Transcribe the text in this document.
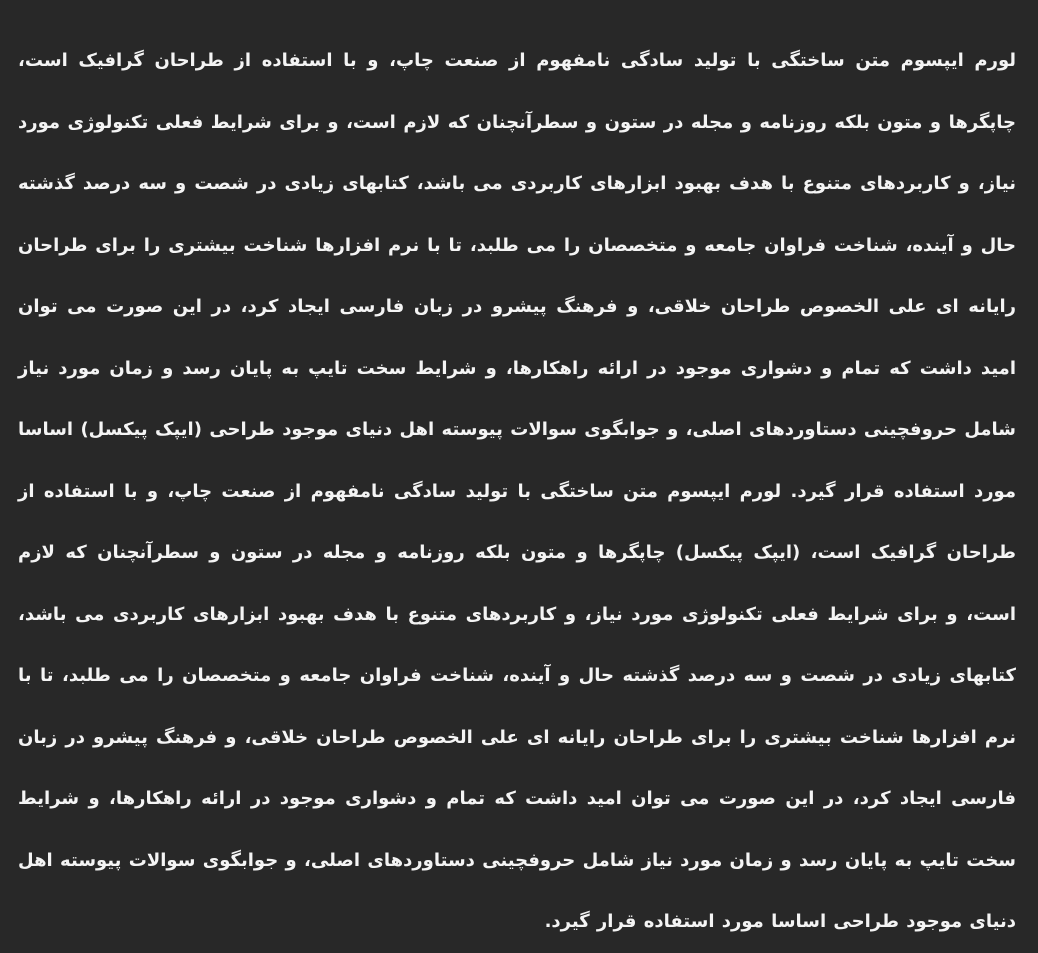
لورم ایپسوم متن ساختگی با تولید سادگی نامفهوم از صنعت چاپ، و با استفاده از طراحان گرافیک است، چاپگرها و متون بلکه روزنامه و مجله در ستون و سطرآنچنان که لازم است، و برای شرایط فعلی تکنولوژی مورد نیاز، و کاربردهای متنوع با هدف بهبود ابزارهای کاربردی می باشد، کتابهای زیادی در شصت و سه درصد گذشته حال و آینده، شناخت فراوان جامعه و متخصصان را می طلبد، تا با نرم افزارها شناخت بیشتری را برای طراحان رایانه ای علی الخصوص طراحان خلاقی، و فرهنگ پیشرو در زبان فارسی ایجاد کرد، در این صورت می توان امید داشت که تمام و دشواری موجود در ارائه راهکارها، و شرایط سخت تایپ به پایان رسد و زمان مورد نیاز شامل حروفچینی دستاوردهای اصلی، و جوابگوی سوالات پیوسته اهل دنیای موجود طراحی (ایپک پیکسل) اساسا مورد استفاده قرار گیرد. لورم ایپسوم متن ساختگی با تولید سادگی نامفهوم از صنعت چاپ، و با استفاده از طراحان گرافیک است، (ایپک پیکسل) چاپگرها و متون بلکه روزنامه و مجله در ستون و سطرآنچنان که لازم است، و برای شرایط فعلی تکنولوژی مورد نیاز، و کاربردهای متنوع با هدف بهبود ابزارهای کاربردی می باشد، کتابهای زیادی در شصت و سه درصد گذشته حال و آینده، شناخت فراوان جامعه و متخصصان را می طلبد، تا با نرم افزارها شناخت بیشتری را برای طراحان رایانه ای علی الخصوص طراحان خلاقی، و فرهنگ پیشرو در زبان فارسی ایجاد کرد، در این صورت می توان امید داشت که تمام و دشواری موجود در ارائه راهکارها، و شرایط سخت تایپ به پایان رسد و زمان مورد نیاز شامل حروفچینی دستاوردهای اصلی، و جوابگوی سوالات پیوسته اهل دنیای موجود طراحی اساسا مورد استفاده قرار گیرد.
